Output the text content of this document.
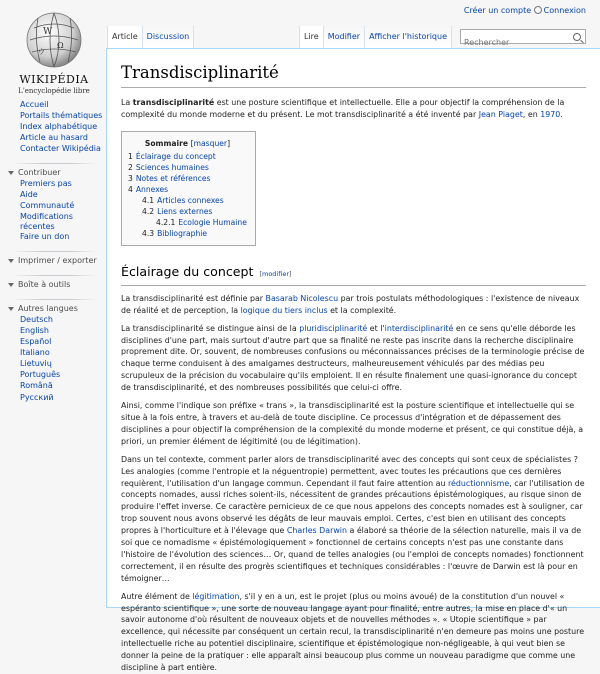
Créer un compte Connexion
W
Ω
ウ
WIKIPÉDIA
L'encyclopédie libre
Article	Discussion	Lire	Modifier	Afficher l'historique
Rechercher
Accueil
Portails thématiques
Index alphabétique
Article au hasard
Contacter Wikipédia
Contribuer
Premiers pas
Aide
Communauté
Modifications récentes
Faire un don
Imprimer / exporter
Boîte à outils
Autres langues
Deutsch
English
Español
Italiano
Lietuvių
Português
Română
Русский
Transdisciplinarité

La transdisciplinarité est une posture scientifique et intellectuelle. Elle a pour objectif la compréhension de la complexité du monde moderne et du présent. Le mot transdisciplinarité a été inventé par Jean Piaget, en 1970.

Sommaire [masquer]
1 Éclairage du concept
2 Sciences humaines
3 Notes et références
4 Annexes
4.1 Articles connexes
4.2 Liens externes
4.2.1 Ecologie Humaine
4.3 Bibliographie
Éclairage du concept [modifier]

La transdisciplinarité est définie par Basarab Nicolescu par trois postulats méthodologiques : l'existence de niveaux de réalité et de perception, la logique du tiers inclus et la complexité.

La transdisciplinarité se distingue ainsi de la pluridisciplinarité et l'interdisciplinarité en ce sens qu'elle déborde les disciplines d'une part, mais surtout d'autre part que sa finalité ne reste pas inscrite dans la recherche disciplinaire proprement dite. Or, souvent, de nombreuses confusions ou méconnaissances précises de la terminologie précise de chaque terme conduisent à des amalgames destructeurs, malheureusement véhiculés par des médias peu scrupuleux de la précision du vocabulaire qu'ils emploient. Il en résulte finalement une quasi-ignorance du concept de transdisciplinarité, et des nombreuses possibilités que celui-ci offre.

Ainsi, comme l'indique son préfixe « trans », la transdisciplinarité est la posture scientifique et intellectuelle qui se situe à la fois entre, à travers et au-delà de toute discipline. Ce processus d'intégration et de dépassement des disciplines a pour objectif la compréhension de la complexité du monde moderne et présent, ce qui constitue déjà, a priori, un premier élément de légitimité (ou de légitimation).

Dans un tel contexte, comment parler alors de transdisciplinarité avec des concepts qui sont ceux de spécialistes ? Les analogies (comme l'entropie et la néguentropie) permettent, avec toutes les précautions que ces dernières requièrent, l'utilisation d'un langage commun. Cependant il faut faire attention au réductionnisme, car l'utilisation de concepts nomades, aussi riches soient-ils, nécessitent de grandes précautions épistémologiques, au risque sinon de produire l'effet inverse. Ce caractère pernicieux de ce que nous appelons des concepts nomades est à souligner, car trop souvent nous avons observé les dégâts de leur mauvais emploi. Certes, c'est bien en utilisant des concepts propres à l'horticulture et à l'élevage que Charles Darwin a élaboré sa théorie de la sélection naturelle, mais il va de soi que ce nomadisme « épistémologiquement » fonctionnel de certains concepts n'est pas une constante dans l'histoire de l'évolution des sciences… Or, quand de telles analogies (ou l'emploi de concepts nomades) fonctionnent correctement, il en résulte des progrès scientifiques et techniques considérables : l'œuvre de Darwin est là pour en témoigner…

Autre élément de légitimation, s'il y en a un, est le projet (plus ou moins avoué) de la constitution d'un nouvel « espéranto scientifique », une sorte de nouveau langage ayant pour finalité, entre autres, la mise en place d'« un savoir autonome d'où résultent de nouveaux objets et de nouvelles méthodes ». « Utopie scientifique » par excellence, qui nécessite par conséquent un certain recul, la transdisciplinarité n'en demeure pas moins une posture intellectuelle riche au potentiel disciplinaire, scientifique et épistémologique non-négligeable, à qui veut bien se donner la peine de la pratiquer : elle apparaît ainsi beaucoup plus comme un nouveau paradigme que comme une discipline à part entière.
